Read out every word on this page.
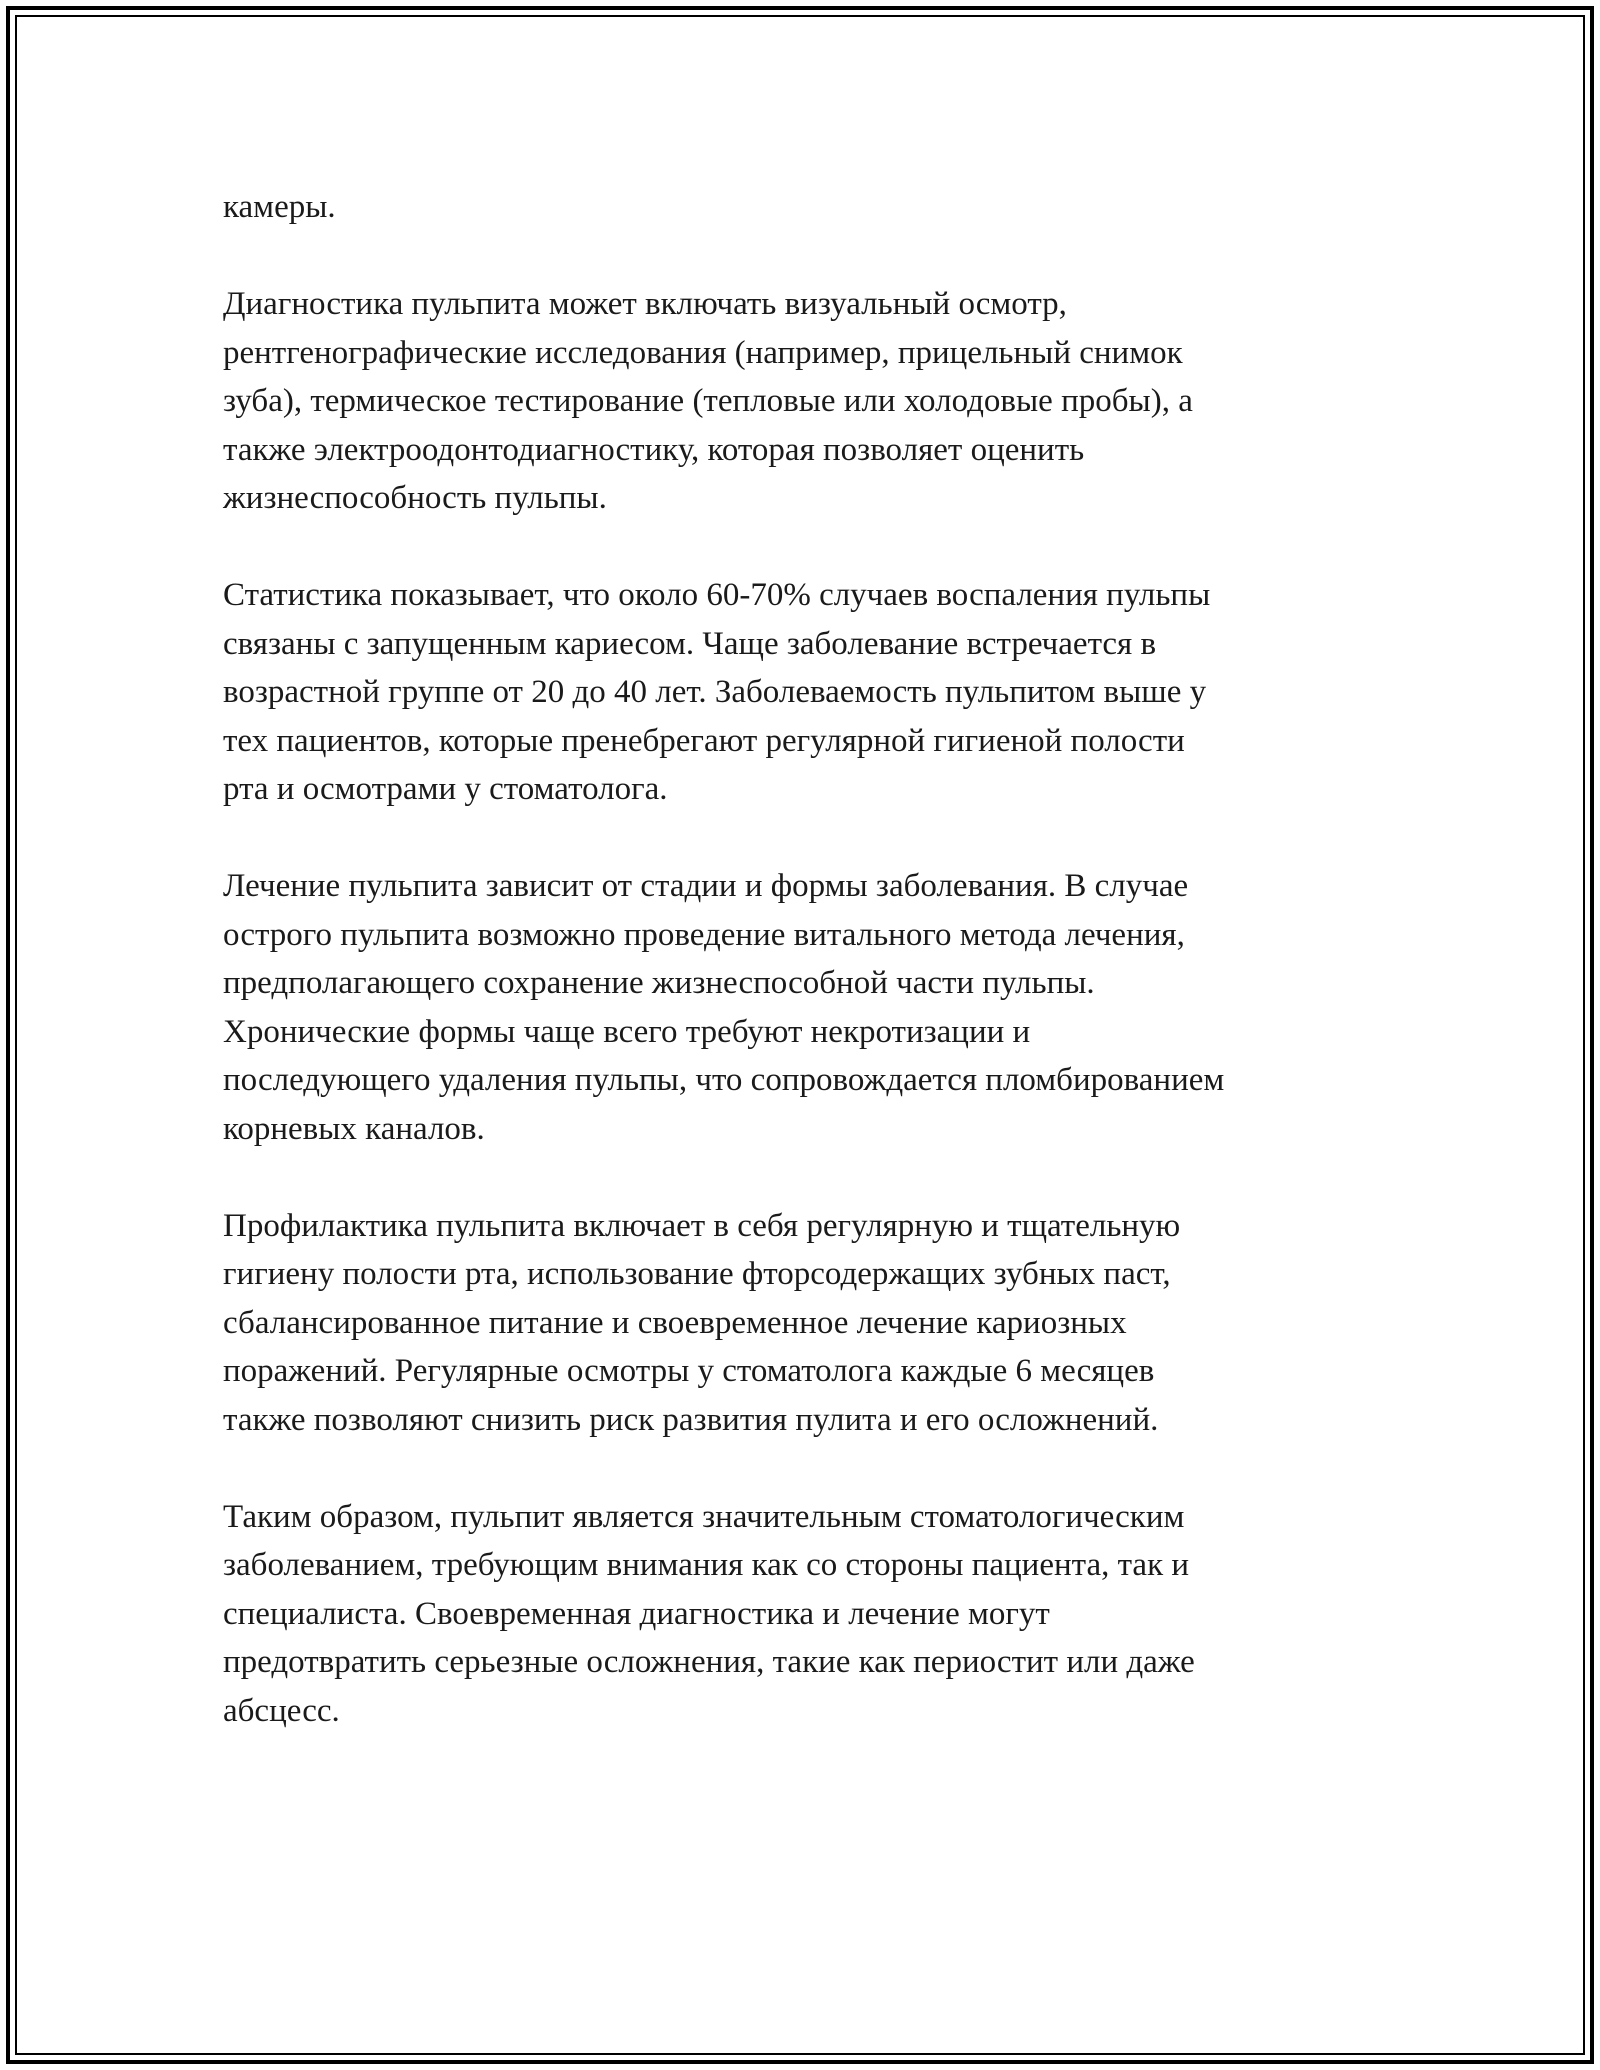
камеры.

Диагностика пульпита может включать визуальный осмотр,
рентгенографические исследования (например, прицельный снимок
зуба), термическое тестирование (тепловые или холодовые пробы), а
также электроодонтодиагностику, которая позволяет оценить
жизнеспособность пульпы.

Статистика показывает, что около 60-70% случаев воспаления пульпы
связаны с запущенным кариесом. Чаще заболевание встречается в
возрастной группе от 20 до 40 лет. Заболеваемость пульпитом выше у
тех пациентов, которые пренебрегают регулярной гигиеной полости
рта и осмотрами у стоматолога.

Лечение пульпита зависит от стадии и формы заболевания. В случае
острого пульпита возможно проведение витального метода лечения,
предполагающего сохранение жизнеспособной части пульпы.
Хронические формы чаще всего требуют некротизации и
последующего удаления пульпы, что сопровождается пломбированием
корневых каналов.

Профилактика пульпита включает в себя регулярную и тщательную
гигиену полости рта, использование фторсодержащих зубных паст,
сбалансированное питание и своевременное лечение кариозных
поражений. Регулярные осмотры у стоматолога каждые 6 месяцев
также позволяют снизить риск развития пулита и его осложнений.

Таким образом, пульпит является значительным стоматологическим
заболеванием, требующим внимания как со стороны пациента, так и
специалиста. Своевременная диагностика и лечение могут
предотвратить серьезные осложнения, такие как периостит или даже
абсцесс.
